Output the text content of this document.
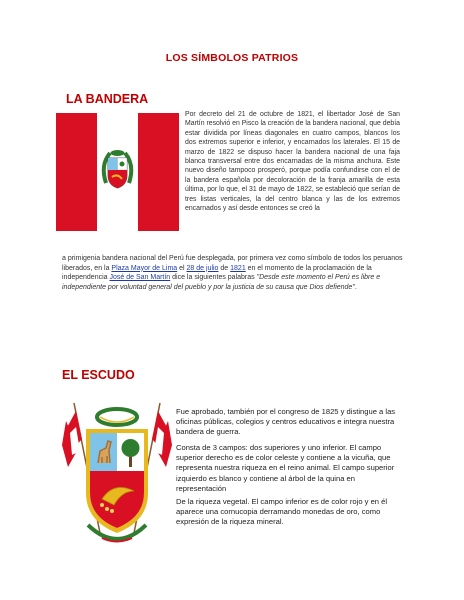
LOS SÍMBOLOS PATRIOS
LA BANDERA
Por decreto del 21 de octubre de 1821, el libertador José de San Martín resolvió en Pisco la creación de la bandera nacional, que debía estar dividida por líneas diagonales en cuatro campos, blancos los dos extremos superior e inferior, y encarnados los laterales. El 15 de marzo de 1822 se dispuso hacer la bandera nacional de una faja blanca transversal entre dos encarnadas de la misma anchura. Este nuevo diseño tampoco prosperó, porque podía confundirse con el de la bandera española por decoloración de la franja amarilla de esta última, por lo que, el 31 de mayo de 1822, se estableció que serían de tres listas verticales, la del centro blanca y las de los extremos encarnados y así desde entonces se creó la
a primigenia bandera nacional del Perú fue desplegada, por primera vez como símbolo de todos los peruanos liberados, en la Plaza Mayor de Lima el 28 de julio de 1821 en el momento de la proclamación de la independencia José de San Martín dice la siguientes palabras "Desde este momento el Perú es libre e independiente por voluntad general del pueblo y por la justicia de su causa que Dios defiende".
EL ESCUDO

Fue aprobado, también por el congreso de 1825 y distingue a las oficinas públicas, colegios y centros educativos e integra nuestra bandera de guerra.

Consta de 3 campos: dos superiores y uno inferior. El campo superior derecho es de color celeste y contiene a la vicuña, que representa nuestra riqueza en el reino animal. El campo superior izquierdo es blanco y contiene al árbol de la quina en representación

De la riqueza vegetal. El campo inferior es de color rojo y en él aparece una cornucopia derramando monedas de oro, como expresión de la riqueza mineral.
